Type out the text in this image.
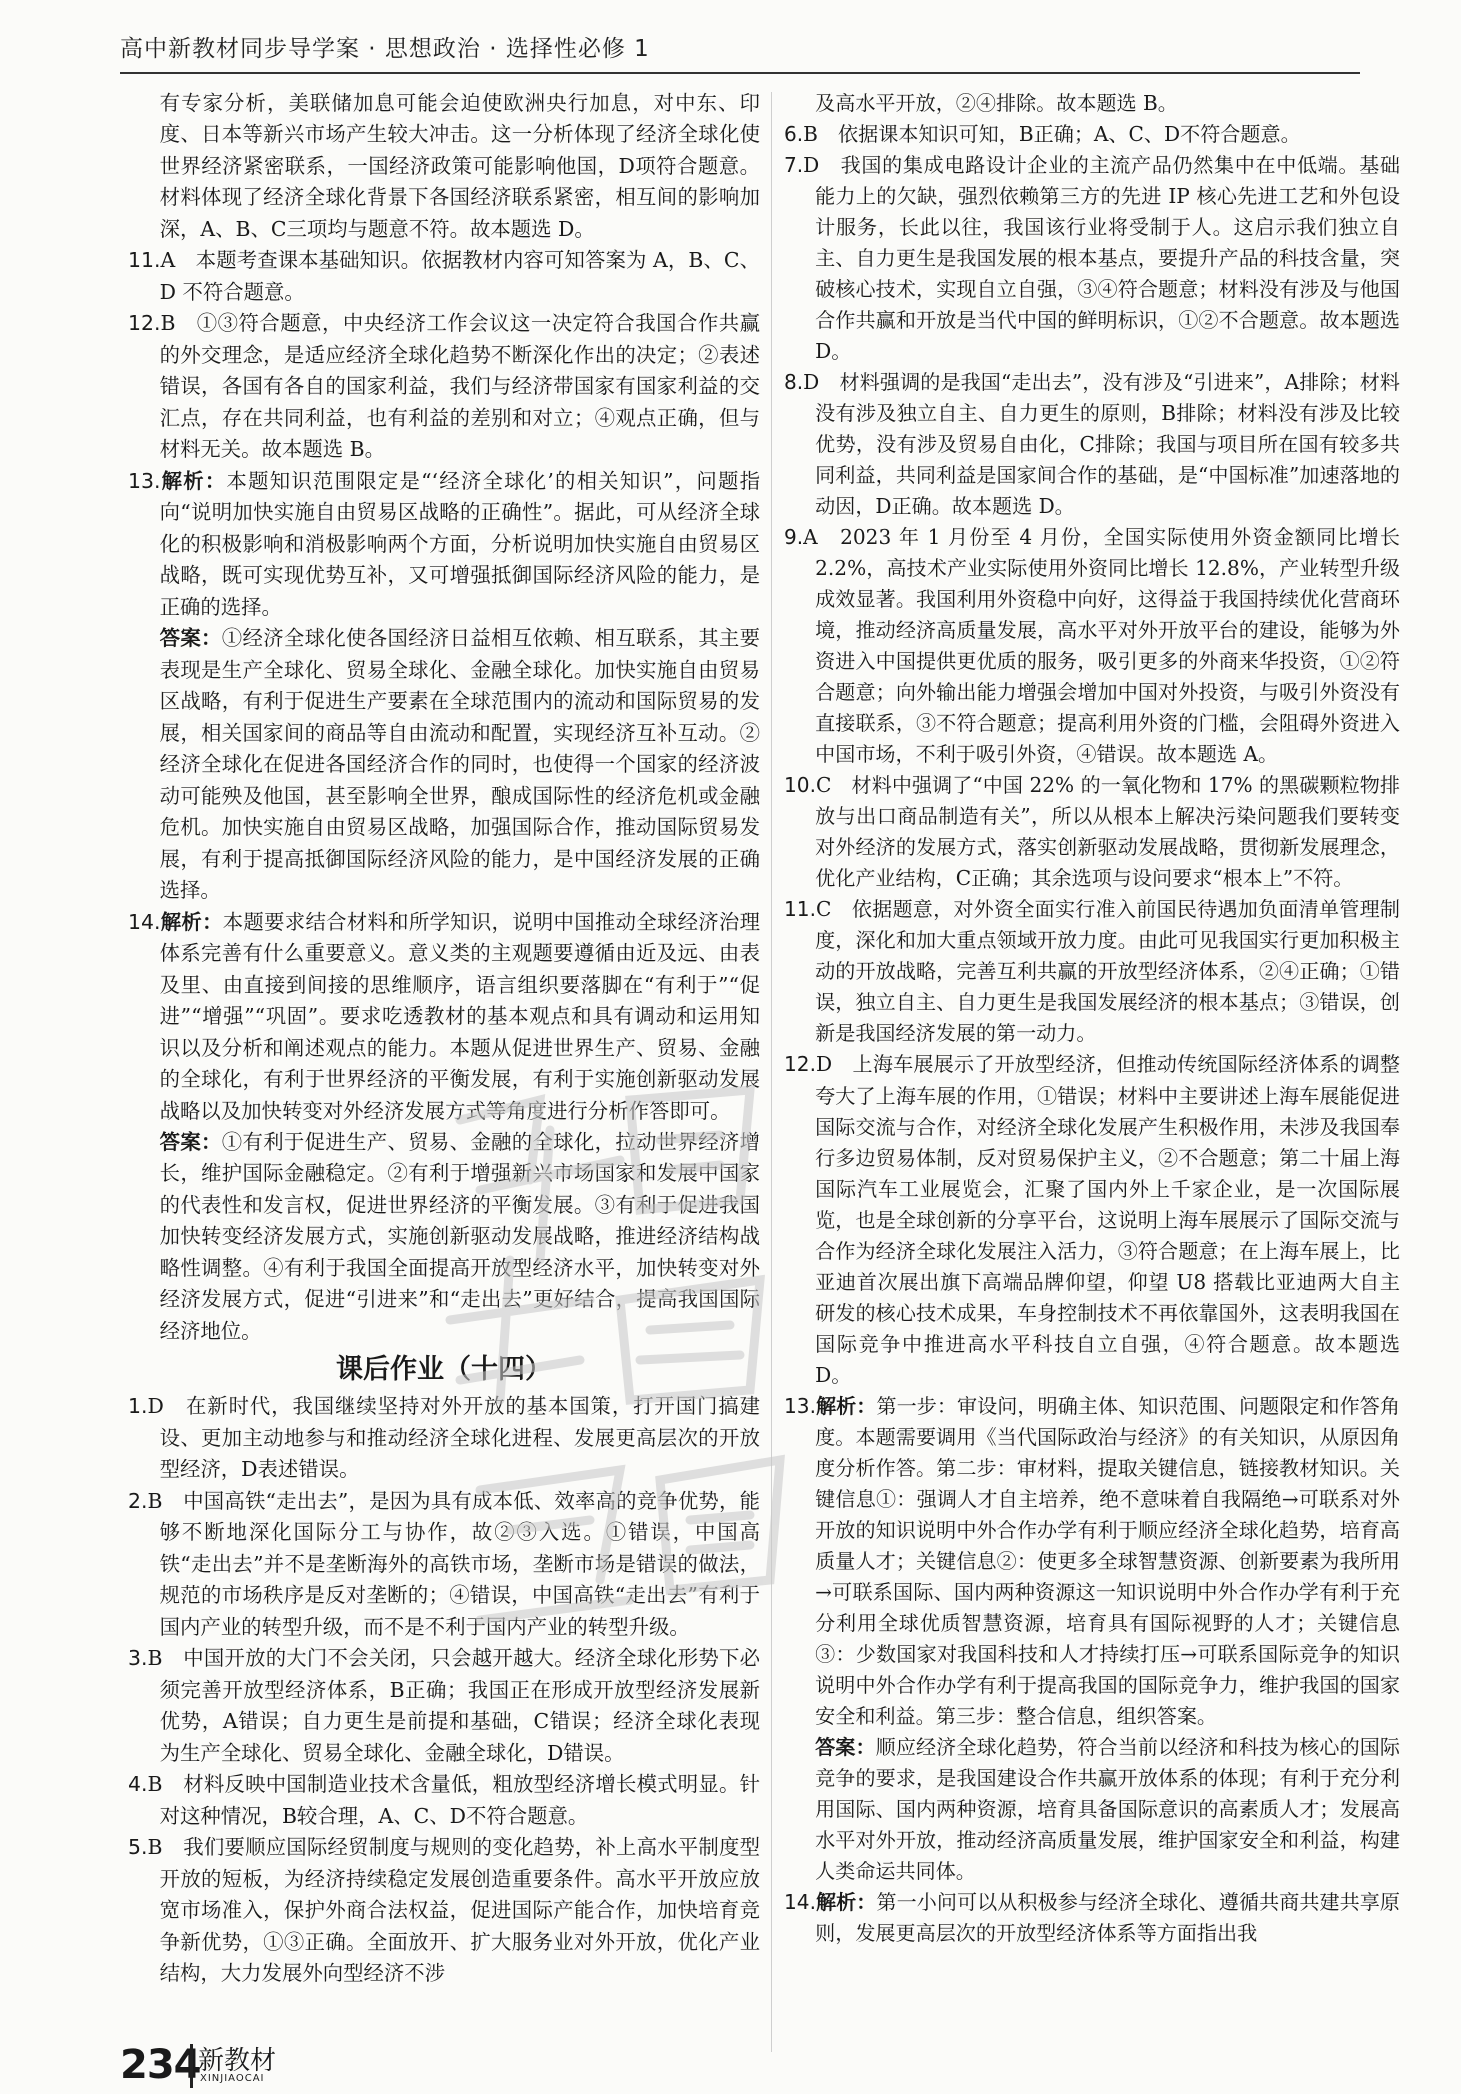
高中新教材同步导学案 · 思想政治 · 选择性必修 1

有专家分析，美联储加息可能会迫使欧洲央行加息，对中东、印度、日本等新兴市场产生较大冲击。这一分析体现了经济全球化使世界经济紧密联系，一国经济政策可能影响他国，D项符合题意。材料体现了经济全球化背景下各国经济联系紧密，相互间的影响加深，A、B、C三项均与题意不符。故本题选 D。

11.A　本题考查课本基础知识。依据教材内容可知答案为 A，B、C、D 不符合题意。

12.B　①③符合题意，中央经济工作会议这一决定符合我国合作共赢的外交理念，是适应经济全球化趋势不断深化作出的决定；②表述错误，各国有各自的国家利益，我们与经济带国家有国家利益的交汇点，存在共同利益，也有利益的差别和对立；④观点正确，但与材料无关。故本题选 B。

13.解析：本题知识范围限定是“‘经济全球化’的相关知识”，问题指向“说明加快实施自由贸易区战略的正确性”。据此，可从经济全球化的积极影响和消极影响两个方面，分析说明加快实施自由贸易区战略，既可实现优势互补，又可增强抵御国际经济风险的能力，是正确的选择。

答案：①经济全球化使各国经济日益相互依赖、相互联系，其主要表现是生产全球化、贸易全球化、金融全球化。加快实施自由贸易区战略，有利于促进生产要素在全球范围内的流动和国际贸易的发展，相关国家间的商品等自由流动和配置，实现经济互补互动。②经济全球化在促进各国经济合作的同时，也使得一个国家的经济波动可能殃及他国，甚至影响全世界，酿成国际性的经济危机或金融危机。加快实施自由贸易区战略，加强国际合作，推动国际贸易发展，有利于提高抵御国际经济风险的能力，是中国经济发展的正确选择。

14.解析：本题要求结合材料和所学知识，说明中国推动全球经济治理体系完善有什么重要意义。意义类的主观题要遵循由近及远、由表及里、由直接到间接的思维顺序，语言组织要落脚在“有利于”“促进”“增强”“巩固”。要求吃透教材的基本观点和具有调动和运用知识以及分析和阐述观点的能力。本题从促进世界生产、贸易、金融的全球化，有利于世界经济的平衡发展，有利于实施创新驱动发展战略以及加快转变对外经济发展方式等角度进行分析作答即可。

答案：①有利于促进生产、贸易、金融的全球化，拉动世界经济增长，维护国际金融稳定。②有利于增强新兴市场国家和发展中国家的代表性和发言权，促进世界经济的平衡发展。③有利于促进我国加快转变经济发展方式，实施创新驱动发展战略，推进经济结构战略性调整。④有利于我国全面提高开放型经济水平，加快转变对外经济发展方式，促进“引进来”和“走出去”更好结合，提高我国国际经济地位。

课后作业（十四）

1.D　在新时代，我国继续坚持对外开放的基本国策，打开国门搞建设、更加主动地参与和推动经济全球化进程、发展更高层次的开放型经济，D表述错误。

2.B　中国高铁“走出去”，是因为具有成本低、效率高的竞争优势，能够不断地深化国际分工与协作，故②③入选。①错误，中国高铁“走出去”并不是垄断海外的高铁市场，垄断市场是错误的做法，规范的市场秩序是反对垄断的；④错误，中国高铁“走出去”有利于国内产业的转型升级，而不是不利于国内产业的转型升级。

3.B　中国开放的大门不会关闭，只会越开越大。经济全球化形势下必须完善开放型经济体系，B正确；我国正在形成开放型经济发展新优势，A错误；自力更生是前提和基础，C错误；经济全球化表现为生产全球化、贸易全球化、金融全球化，D错误。

4.B　材料反映中国制造业技术含量低，粗放型经济增长模式明显。针对这种情况，B较合理，A、C、D不符合题意。

5.B　我们要顺应国际经贸制度与规则的变化趋势，补上高水平制度型开放的短板，为经济持续稳定发展创造重要条件。高水平开放应放宽市场准入，保护外商合法权益，促进国际产能合作，加快培育竞争新优势，①③正确。全面放开、扩大服务业对外开放，优化产业结构，大力发展外向型经济不涉

及高水平开放，②④排除。故本题选 B。

6.B　依据课本知识可知，B正确；A、C、D不符合题意。

7.D　我国的集成电路设计企业的主流产品仍然集中在中低端。基础能力上的欠缺，强烈依赖第三方的先进 IP 核心先进工艺和外包设计服务，长此以往，我国该行业将受制于人。这启示我们独立自主、自力更生是我国发展的根本基点，要提升产品的科技含量，突破核心技术，实现自立自强，③④符合题意；材料没有涉及与他国合作共赢和开放是当代中国的鲜明标识，①②不合题意。故本题选 D。

8.D　材料强调的是我国“走出去”，没有涉及“引进来”，A排除；材料没有涉及独立自主、自力更生的原则，B排除；材料没有涉及比较优势，没有涉及贸易自由化，C排除；我国与项目所在国有较多共同利益，共同利益是国家间合作的基础，是“中国标准”加速落地的动因，D正确。故本题选 D。

9.A　2023 年 1 月份至 4 月份，全国实际使用外资金额同比增长 2.2%，高技术产业实际使用外资同比增长 12.8%，产业转型升级成效显著。我国利用外资稳中向好，这得益于我国持续优化营商环境，推动经济高质量发展，高水平对外开放平台的建设，能够为外资进入中国提供更优质的服务，吸引更多的外商来华投资，①②符合题意；向外输出能力增强会增加中国对外投资，与吸引外资没有直接联系，③不符合题意；提高利用外资的门槛，会阻碍外资进入中国市场，不利于吸引外资，④错误。故本题选 A。

10.C　材料中强调了“中国 22% 的一氧化物和 17% 的黑碳颗粒物排放与出口商品制造有关”，所以从根本上解决污染问题我们要转变对外经济的发展方式，落实创新驱动发展战略，贯彻新发展理念，优化产业结构，C正确；其余选项与设问要求“根本上”不符。

11.C　依据题意，对外资全面实行准入前国民待遇加负面清单管理制度，深化和加大重点领域开放力度。由此可见我国实行更加积极主动的开放战略，完善互利共赢的开放型经济体系，②④正确；①错误，独立自主、自力更生是我国发展经济的根本基点；③错误，创新是我国经济发展的第一动力。

12.D　上海车展展示了开放型经济，但推动传统国际经济体系的调整夸大了上海车展的作用，①错误；材料中主要讲述上海车展能促进国际交流与合作，对经济全球化发展产生积极作用，未涉及我国奉行多边贸易体制，反对贸易保护主义，②不合题意；第二十届上海国际汽车工业展览会，汇聚了国内外上千家企业，是一次国际展览，也是全球创新的分享平台，这说明上海车展展示了国际交流与合作为经济全球化发展注入活力，③符合题意；在上海车展上，比亚迪首次展出旗下高端品牌仰望，仰望 U8 搭载比亚迪两大自主研发的核心技术成果，车身控制技术不再依靠国外，这表明我国在国际竞争中推进高水平科技自立自强，④符合题意。故本题选 D。

13.解析：第一步：审设问，明确主体、知识范围、问题限定和作答角度。本题需要调用《当代国际政治与经济》的有关知识，从原因角度分析作答。第二步：审材料，提取关键信息，链接教材知识。关键信息①：强调人才自主培养，绝不意味着自我隔绝→可联系对外开放的知识说明中外合作办学有利于顺应经济全球化趋势，培育高质量人才；关键信息②：使更多全球智慧资源、创新要素为我所用→可联系国际、国内两种资源这一知识说明中外合作办学有利于充分利用全球优质智慧资源，培育具有国际视野的人才；关键信息③：少数国家对我国科技和人才持续打压→可联系国际竞争的知识说明中外合作办学有利于提高我国的国际竞争力，维护我国的国家安全和利益。第三步：整合信息，组织答案。

答案：顺应经济全球化趋势，符合当前以经济和科技为核心的国际竞争的要求，是我国建设合作共赢开放体系的体现；有利于充分利用国际、国内两种资源，培育具备国际意识的高素质人才；发展高水平对外开放，推动经济高质量发展，维护国家安全和利益，构建人类命运共同体。

14.解析：第一小问可以从积极参与经济全球化、遵循共商共建共享原则，发展更高层次的开放型经济体系等方面指出我

234
新教材
XINJIAOCAI
